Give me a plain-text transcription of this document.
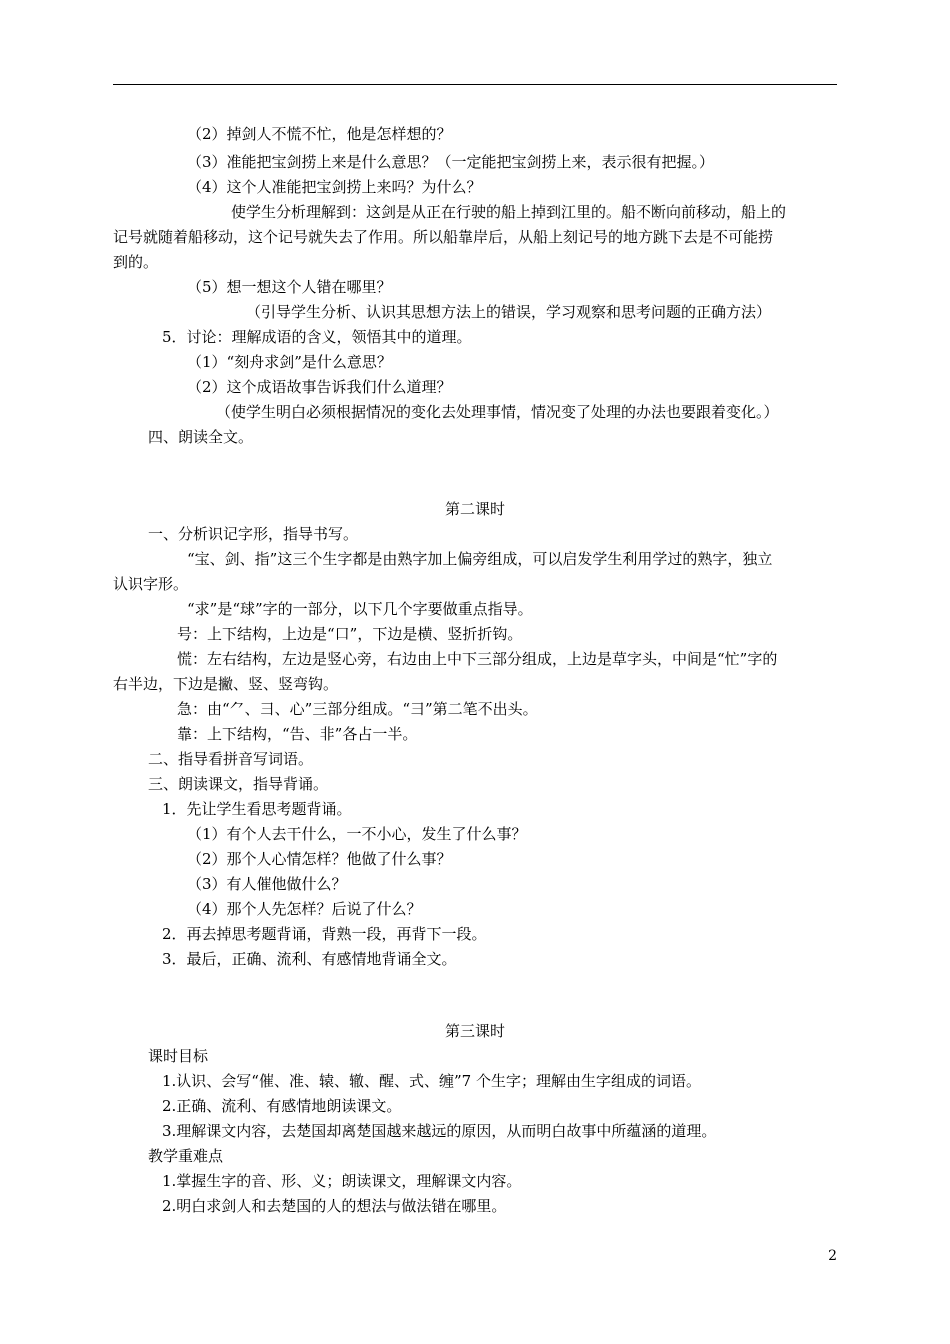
（2）掉剑人不慌不忙，他是怎样想的？
（3）准能把宝剑捞上来是什么意思？（一定能把宝剑捞上来，表示很有把握。）
（4）这个人准能把宝剑捞上来吗？为什么？
使学生分析理解到：这剑是从正在行驶的船上掉到江里的。船不断向前移动，船上的
记号就随着船移动，这个记号就失去了作用。所以船靠岸后，从船上刻记号的地方跳下去是不可能捞
到的。
（5）想一想这个人错在哪里？
（引导学生分析、认识其思想方法上的错误，学习观察和思考问题的正确方法）
5．讨论：理解成语的含义，领悟其中的道理。
（1）“刻舟求剑”是什么意思？
（2）这个成语故事告诉我们什么道理？
（使学生明白必须根据情况的变化去处理事情，情况变了处理的办法也要跟着变化。）
四、朗读全文。
第二课时
一、分析识记字形，指导书写。
“宝、剑、指”这三个生字都是由熟字加上偏旁组成，可以启发学生利用学过的熟字，独立
认识字形。
“求”是“球”字的一部分，以下几个字要做重点指导。
号：上下结构，上边是“口”，下边是横、竖折折钩。
慌：左右结构，左边是竖心旁，右边由上中下三部分组成，上边是草字头，中间是“忙”字的
右半边，下边是撇、竖、竖弯钩。
急：由“⺈、彐、心”三部分组成。“彐”第二笔不出头。
靠：上下结构，“告、非”各占一半。
二、指导看拼音写词语。
三、朗读课文，指导背诵。
1．先让学生看思考题背诵。
（1）有个人去干什么，一不小心，发生了什么事？
（2）那个人心情怎样？他做了什么事？
（3）有人催他做什么？
（4）那个人先怎样？后说了什么？
2．再去掉思考题背诵，背熟一段，再背下一段。
3．最后，正确、流利、有感情地背诵全文。
第三课时
课时目标
1.认识、会写“催、准、辕、辙、醒、式、缠”7 个生字；理解由生字组成的词语。
2.正确、流利、有感情地朗读课文。
3.理解课文内容，去楚国却离楚国越来越远的原因，从而明白故事中所蕴涵的道理。
教学重难点
1.掌握生字的音、形、义；朗读课文，理解课文内容。
2.明白求剑人和去楚国的人的想法与做法错在哪里。
2
